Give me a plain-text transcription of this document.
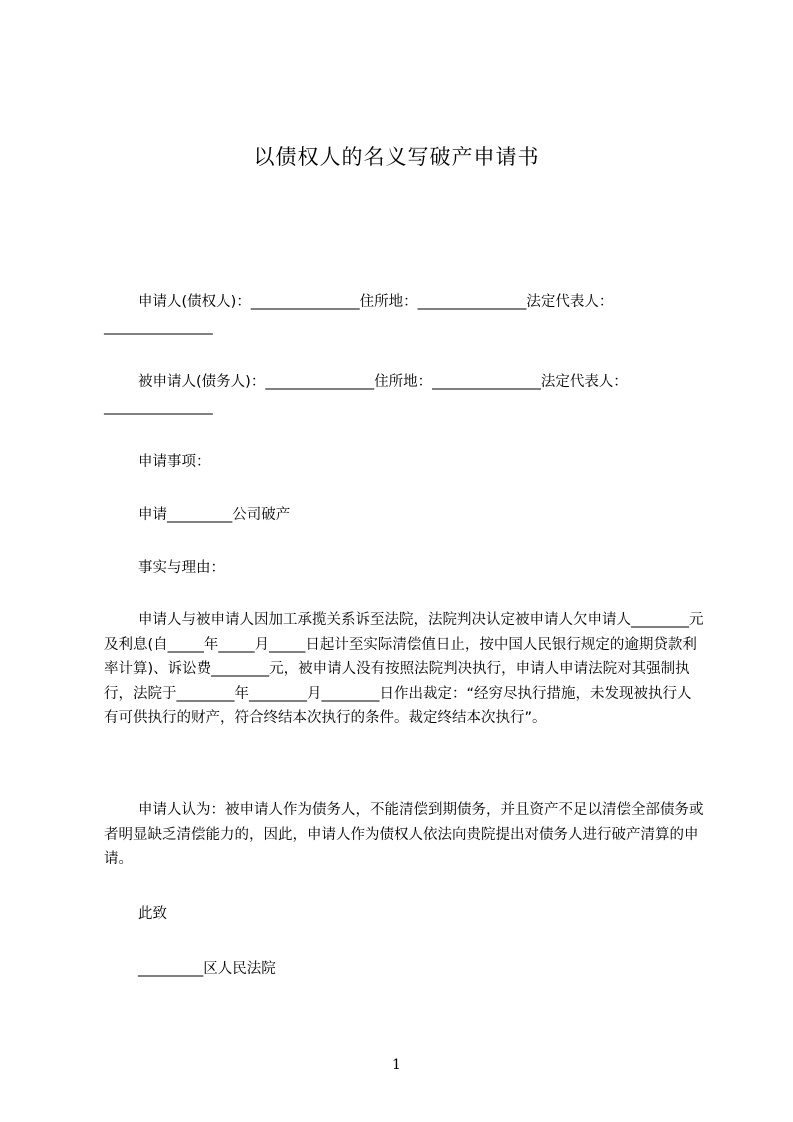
以债权人的名义写破产申请书
申请人(债权人)：_______________住所地：_______________法定代表人：_______________
被申请人(债务人)：_______________住所地：_______________法定代表人：_______________
申请事项：
申请_________公司破产
事实与理由：
申请人与被申请人因加工承揽关系诉至法院，法院判决认定被申请人欠申请人________元及利息(自_____年_____月_____日起计至实际清偿值日止，按中国人民银行规定的逾期贷款利率计算)、诉讼费________元，被申请人没有按照法院判决执行，申请人申请法院对其强制执行，法院于________年________月________日作出裁定：“经穷尽执行措施，未发现被执行人有可供执行的财产，符合终结本次执行的条件。裁定终结本次执行”。
申请人认为：被申请人作为债务人，不能清偿到期债务，并且资产不足以清偿全部债务或者明显缺乏清偿能力的，因此，申请人作为债权人依法向贵院提出对债务人进行破产清算的申请。
此致
_________区人民法院
1
